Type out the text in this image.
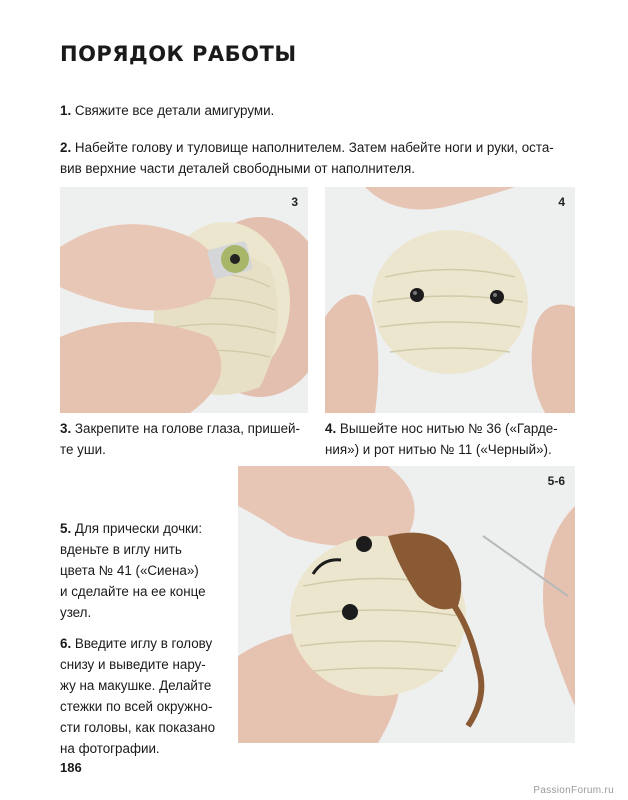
ПОРЯДОК РАБОТЫ

1. Свяжите все детали амигуруми.

2. Набейте голову и туловище наполнителем. Затем набейте ноги и руки, оста-
вив верхние части деталей свободными от наполнителя.

3	4

3. Закрепите на голове глаза, пришей-
те уши.

4. Вышейте нос нитью № 36 («Гарде-
ния») и рот нитью № 11 («Черный»).

5-6

5. Для прически дочки:
вденьте в иглу нить
цвета № 41 («Сиена»)
и сделайте на ее конце
узел.

6. Введите иглу в голову
снизу и выведите нару-
жу на макушке. Делайте
стежки по всей окружно-
сти головы, как показано
на фотографии.

186
PassionForum.ru
